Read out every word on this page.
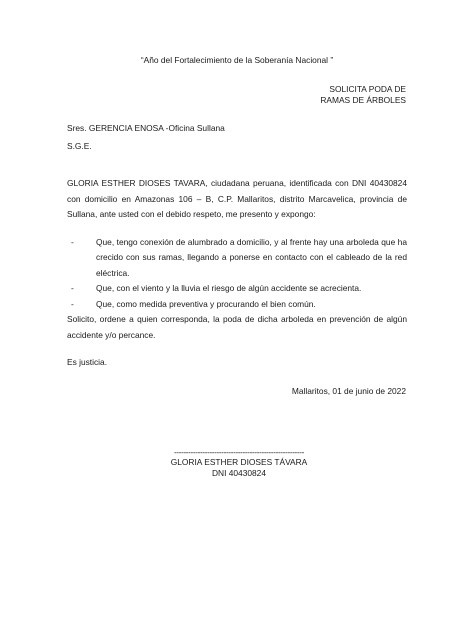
“Año del Fortalecimiento de la Soberanía Nacional ”
SOLICITA PODA DE
RAMAS DE ÁRBOLES
Sres. GERENCIA ENOSA -Oficina Sullana
S.G.E.
GLORIA ESTHER DIOSES TAVARA, ciudadana peruana, identificada con DNI 40430824 con domicilio en Amazonas 106 – B, C.P. Mallaritos, distrito Marcavelica, provincia de Sullana, ante usted con el debido respeto, me presento y expongo:
-	Que, tengo conexión de alumbrado a domicilio, y al frente hay una arboleda que ha crecido con sus ramas, llegando a ponerse en contacto con el cableado de la red eléctrica.
-	Que, con el viento y la lluvia el riesgo de algún accidente se acrecienta.
-	Que, como medida preventiva y procurando el bien común.

Solicito, ordene a quien corresponda, la poda de dicha arboleda en prevención de algún accidente y/o percance.

Es justicia.
Mallaritos, 01 de junio de 2022
-------------------------------------------------------
GLORIA ESTHER DIOSES TÁVARA
DNI 40430824
